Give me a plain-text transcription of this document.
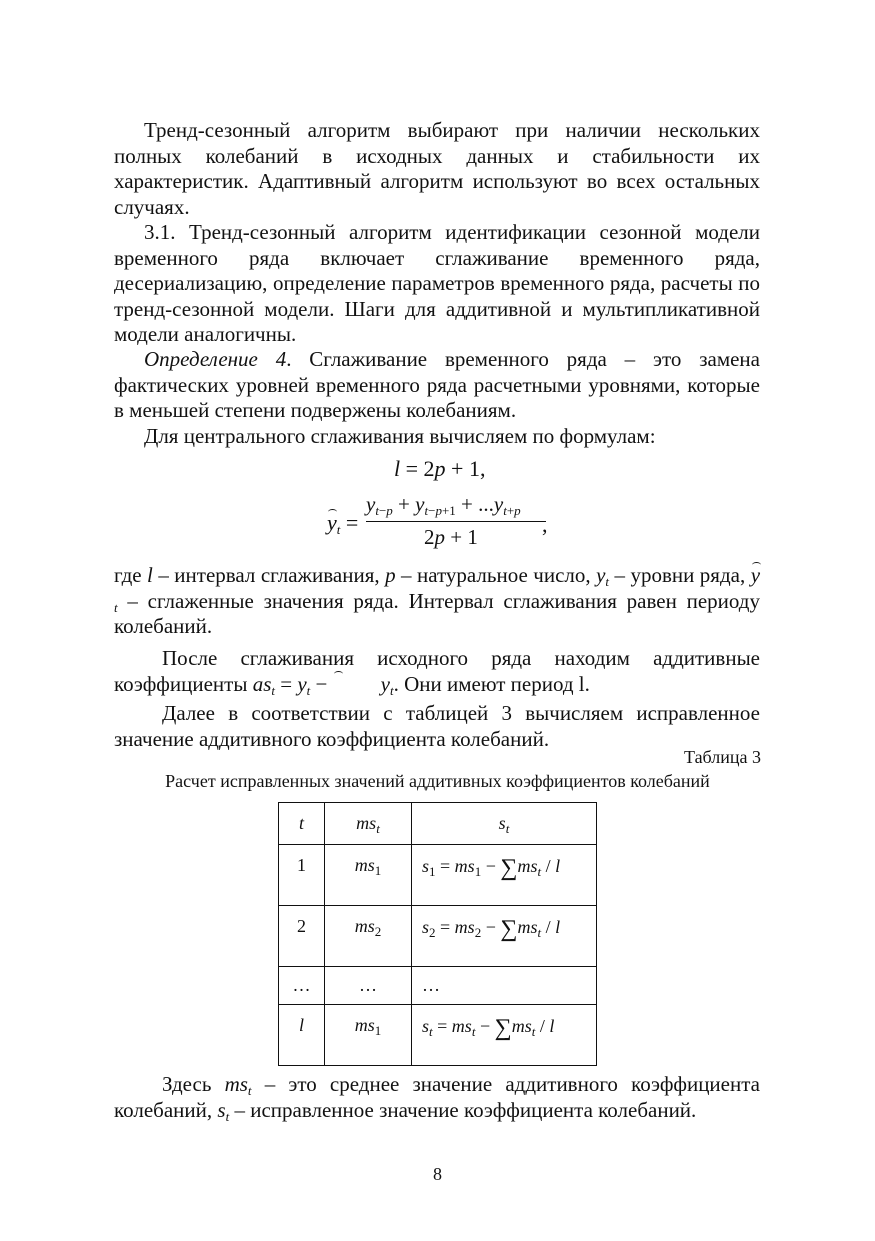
Тренд-сезонный алгоритм выбирают при наличии нескольких полных колебаний в исходных данных и стабильности их характеристик. Адаптивный алгоритм используют во всех остальных случаях.

3.1. Тренд-сезонный алгоритм идентификации сезонной модели временного ряда включает сглаживание временного ряда, десериализацию, определение параметров временного ряда, расчеты по тренд-сезонной модели. Шаги для аддитивной и мультипликативной модели аналогичны.

Определение 4. Сглаживание временного ряда – это замена фактических уровней временного ряда расчетными уровнями, которые в меньшей степени подвержены колебаниям.

Для центрального сглаживания вычисляем по формулам:

l = 2p + 1,
$y_t$ =
$y_{t-p} + y_{t-p+1} + ...y_{t+p}$
2p + 1	,

где l – интервал сглаживания, p – натуральное число, $y_t$ – уровни ряда, $y_t$ – сглаженные значения ряда. Интервал сглаживания равен периоду колебаний.

После сглаживания исходного ряда находим аддитивные коэффициенты $as_t = y_t - y_t$. Они имеют период l.

Далее в соответствии с таблицей 3 вычисляем исправленное значение аддитивного коэффициента колебаний.

Таблица 3
Расчет исправленных значений аддитивных коэффициентов колебаний
t	$ms_t$	$s_t$
1	$ms_1$	$s_1 = ms_1 - \sum ms_t / l$
2	$ms_2$	$s_2 = ms_2 - \sum ms_t / l$
…	…	…
l	$ms_1$	$s_t = ms_t - \sum ms_t / l$

Здесь $ms_t$ – это среднее значение аддитивного коэффициента колебаний, $s_t$ – исправленное значение коэффициента колебаний.

8
